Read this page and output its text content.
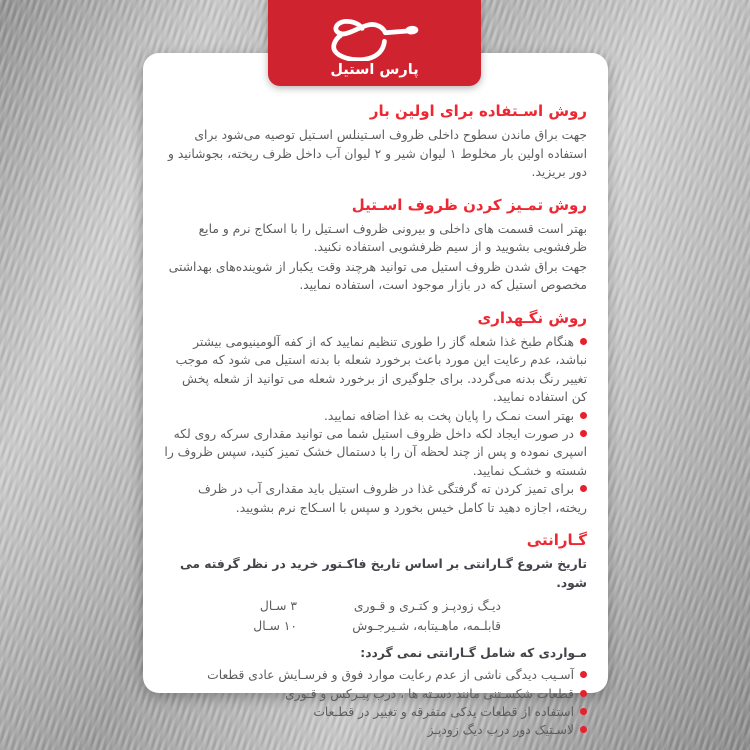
روش اسـتفاده برای اولین بار

جهت براق ماندن سطوح داخلی ظروف اسـتینلس اسـتیل توصیه می‌شود برای استفاده اولین بار مخلوط ۱ لیوان شیر و ۲ لیوان آب داخل ظرف ریخته، بجوشانید و دور بریزید.

روش تمـیز کردن ظروف اسـتیل

بهتر است قسمت های داخلی و بیرونی ظروف اسـتیل را با اسکاج نرم و مایع ظرفشویی بشویید و از سیم ظرفشویی استفاده نکنید.

جهت براق شدن ظروف استیل می توانید هرچند وقت یکبار از شوینده‌های بهداشتی مخصوص استیل که در بازار موجود است، استفاده نمایید.

روش نگـهداری

هنگام طبخ غذا شعله گاز را طوری تنظیم نمایید که از کفه آلومینیومی بیشتر نباشد، عدم رعایت این مورد باعث برخورد شعله با بدنه استیل می شود که موجب تغییر رنگ بدنه می‌گردد. برای جلوگیری از برخورد شعله می توانید از شعله پخش کن استفاده نمایید.

بهتر است نمـک را پایان پخت به غذا اضافه نمایید.

در صورت ایجاد لکه داخل ظروف استیل شما می توانید مقداری سرکه روی لکه اسپری نموده و پس از چند لحظه آن را با دستمال خشک تمیز کنید، سپس ظروف را شسته و خشـک نمایید.

برای تمیز کردن ته گرفتگی غذا در ظروف استیل باید مقداری آب در ظرف ریخته، اجازه دهید تا کامل خیس بخورد و سپس با اسـکاج نرم بشویید.

گـارانتی

تاریخ شروع گـارانتی بر اساس تاریخ فاکـتور خرید در نظر گرفته می شود.

دیـگ زودپـز و کتـری و قـوری
۳ سـال
قابلـمه، ماهـیتابه، شـیرجـوش
۱۰ سـال

مـواردی که شامل گـارانتی نمی گردد:

آسـیب دیدگی ناشی از عدم رعایت موارد فوق و فرسـایش عادی قطعات

قطعات شکسـتنی مانند دسـته ها ، درب پیـرکس و قـوری

استفاده از قطعات یدکی متفرقه و تغییر در قطـعات

لاسـتیک دور درب دیگ زودپـز

پارس استیل
